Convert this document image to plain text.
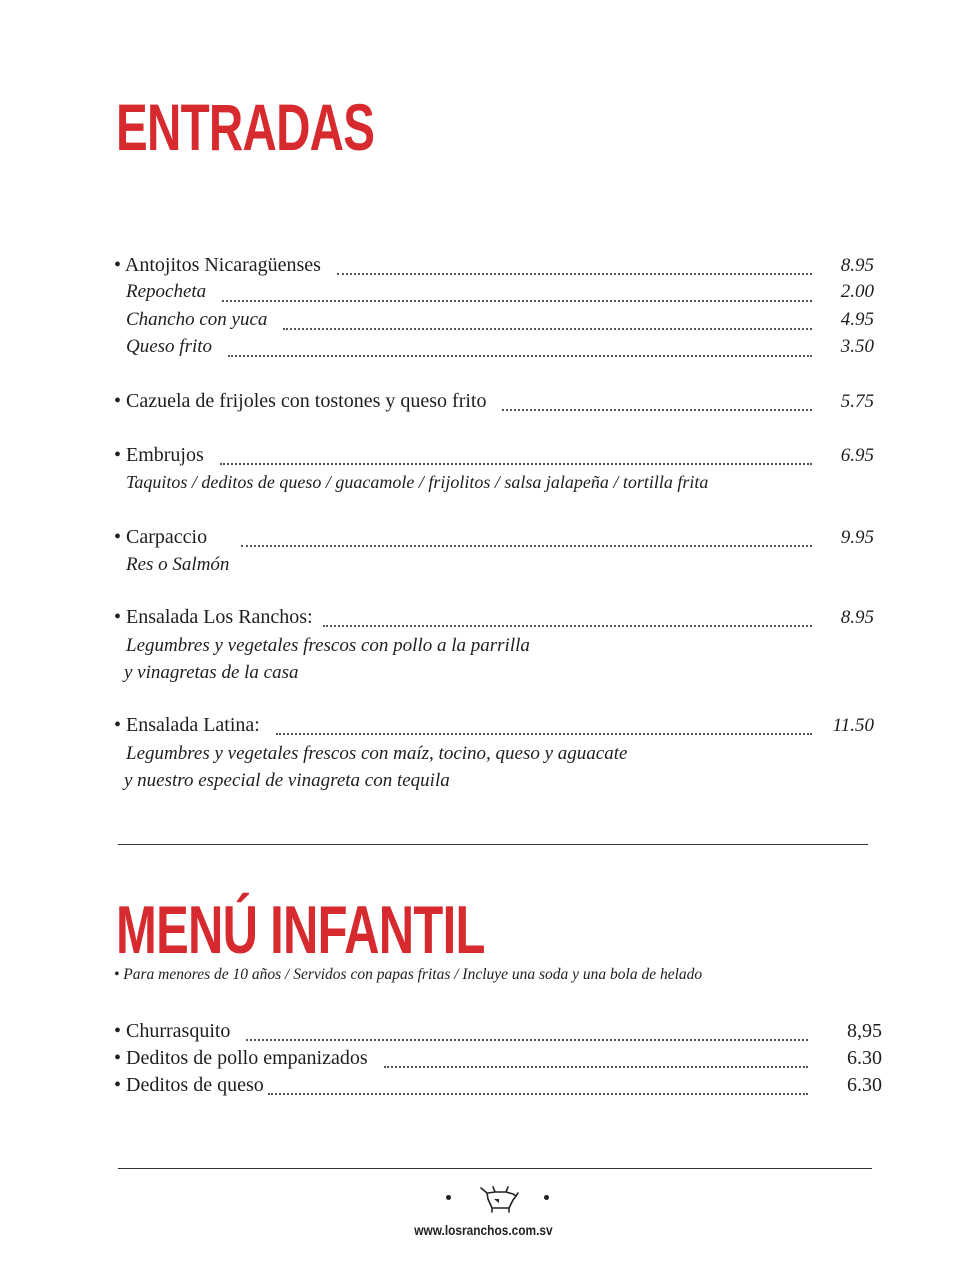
ENTRADAS
• Antojitos Nicaragüenses	8.95
Repocheta	2.00
Chancho con yuca	4.95
Queso frito	3.50
• Cazuela de frijoles con tostones y queso frito	5.75
• Embrujos	6.95
Taquitos / deditos de queso / guacamole / frijolitos / salsa jalapeña / tortilla frita
• Carpaccio	9.95
Res o Salmón
• Ensalada Los Ranchos:	8.95
Legumbres y vegetales frescos con pollo a la parrilla
y vinagretas de la casa
• Ensalada Latina:	11.50
Legumbres y vegetales frescos con maíz, tocino, queso y aguacate
y nuestro especial de vinagreta con tequila
MENÚ INFANTIL
• Para menores de 10 años / Servidos con papas fritas / Incluye una soda y una bola de helado
• Churrasquito	8,95
• Deditos de pollo empanizados	6.30
• Deditos de queso	6.30
www.losranchos.com.sv
